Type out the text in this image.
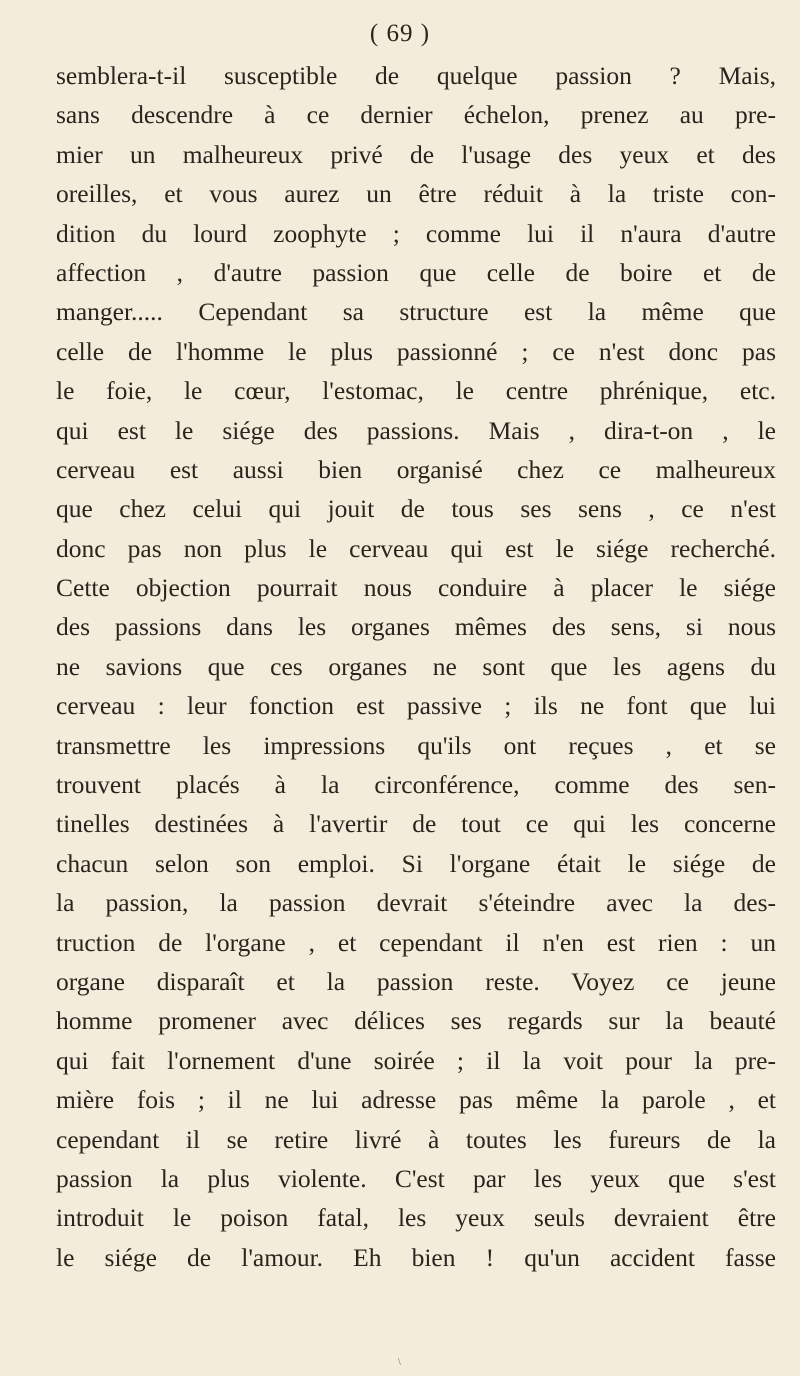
( 69 )
semblera-t-il susceptible de quelque passion ? Mais,
sans descendre à ce dernier échelon, prenez au pre-
mier un malheureux privé de l'usage des yeux et des
oreilles, et vous aurez un être réduit à la triste con-
dition du lourd zoophyte ; comme lui il n'aura d'autre
affection , d'autre passion que celle de boire et de
manger..... Cependant sa structure est la même que
celle de l'homme le plus passionné ; ce n'est donc pas
le foie, le cœur, l'estomac, le centre phrénique, etc.
qui est le siége des passions. Mais , dira-t-on , le
cerveau est aussi bien organisé chez ce malheureux
que chez celui qui jouit de tous ses sens , ce n'est
donc pas non plus le cerveau qui est le siége recherché.
Cette objection pourrait nous conduire à placer le siége
des passions dans les organes mêmes des sens, si nous
ne savions que ces organes ne sont que les agens du
cerveau : leur fonction est passive ; ils ne font que lui
transmettre les impressions qu'ils ont reçues , et se
trouvent placés à la circonférence, comme des sen-
tinelles destinées à l'avertir de tout ce qui les concerne
chacun selon son emploi. Si l'organe était le siége de
la passion, la passion devrait s'éteindre avec la des-
truction de l'organe , et cependant il n'en est rien : un
organe disparaît et la passion reste. Voyez ce jeune
homme promener avec délices ses regards sur la beauté
qui fait l'ornement d'une soirée ; il la voit pour la pre-
mière fois ; il ne lui adresse pas même la parole , et
cependant il se retire livré à toutes les fureurs de la
passion la plus violente. C'est par les yeux que s'est
introduit le poison fatal, les yeux seuls devraient être
le siége de l'amour. Eh bien ! qu'un accident fasse
\
